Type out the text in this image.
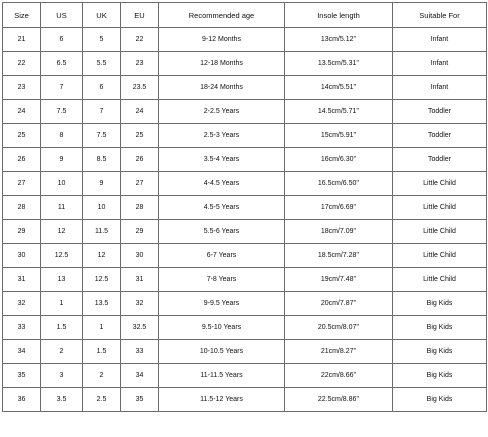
Size	US	UK	EU	Recommended age	Insole length	Suitable For
21	6	5	22	9-12 Months	13cm/5.12''	Infant
22	6.5	5.5	23	12-18 Months	13.5cm/5.31''	Infant
23	7	6	23.5	18-24 Months	14cm/5.51''	Infant
24	7.5	7	24	2-2.5 Years	14.5cm/5.71''	Toddler
25	8	7.5	25	2.5-3 Years	15cm/5.91''	Toddler
26	9	8.5	26	3.5-4 Years	16cm/6.30''	Toddler
27	10	9	27	4-4.5 Years	16.5cm/6.50''	Little Child
28	11	10	28	4.5-5 Years	17cm/6.69''	Little Child
29	12	11.5	29	5.5-6 Years	18cm/7.09''	Little Child
30	12.5	12	30	6-7 Years	18.5cm/7.28''	Little Child
31	13	12.5	31	7-8 Years	19cm/7.48''	Little Child
32	1	13.5	32	9-9.5 Years	20cm/7.87''	Big Kids
33	1.5	1	32.5	9.5-10 Years	20.5cm/8.07''	Big Kids
34	2	1.5	33	10-10.5 Years	21cm/8.27''	Big Kids
35	3	2	34	11-11.5 Years	22cm/8.66''	Big Kids
36	3.5	2.5	35	11.5-12 Years	22.5cm/8.86''	Big Kids
